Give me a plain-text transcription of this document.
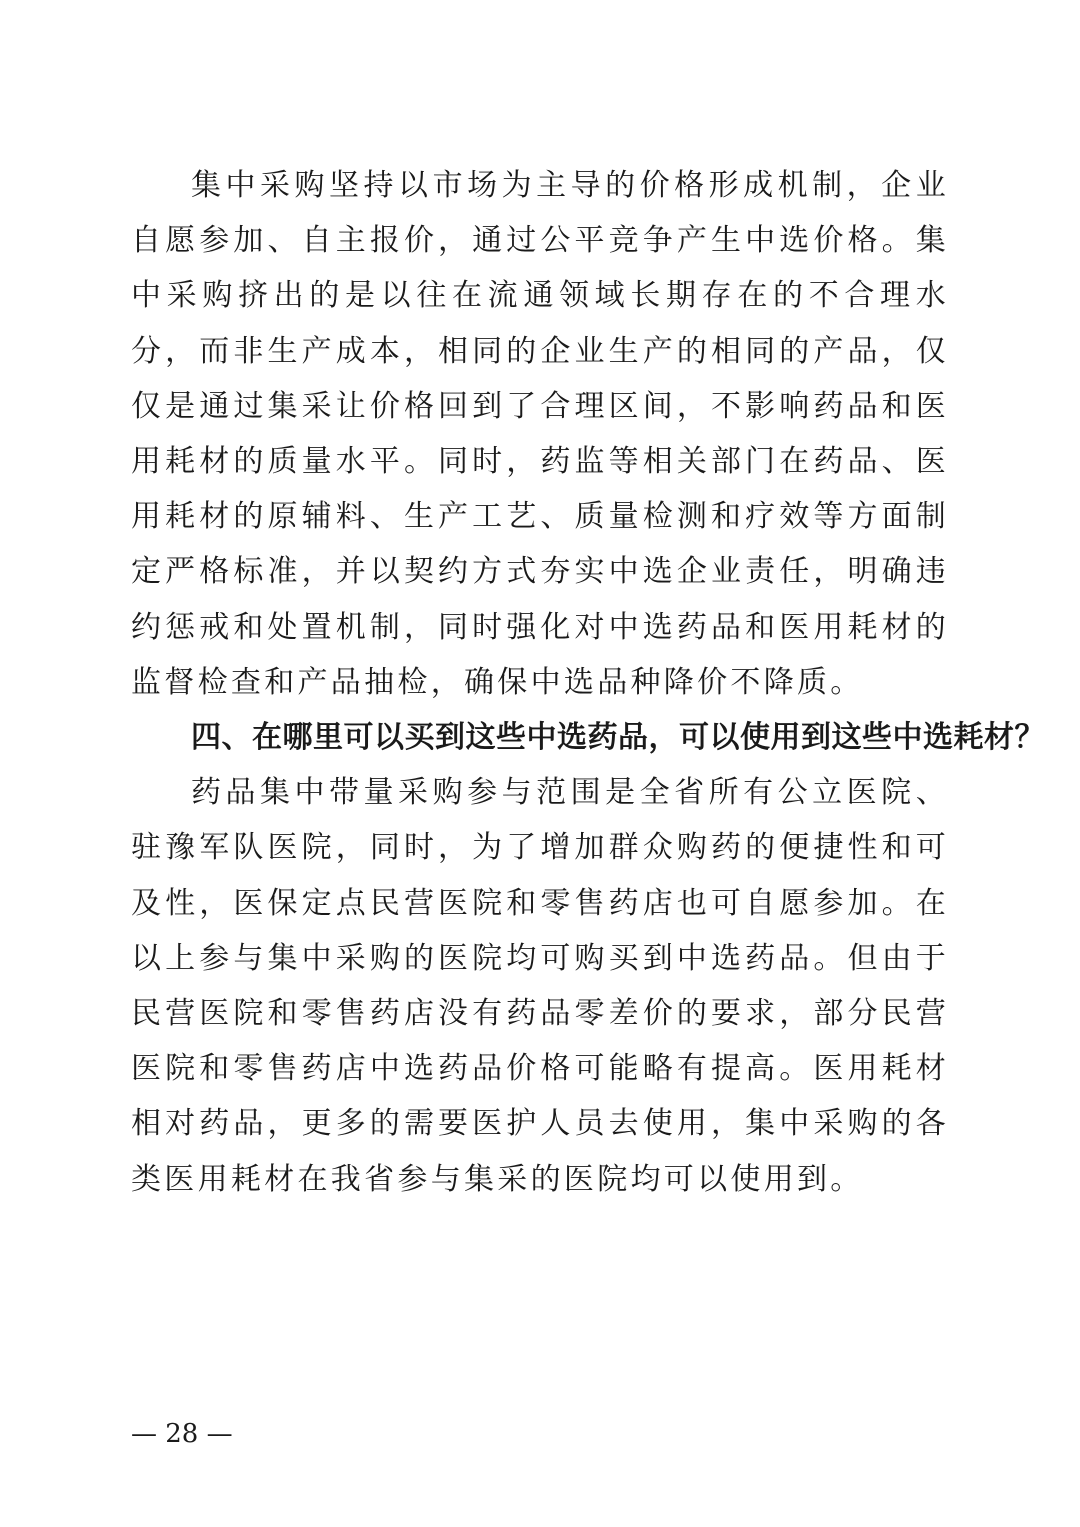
集中采购坚持以市场为主导的价格形成机制，企业自愿参加、自主报价，通过公平竞争产生中选价格。集中采购挤出的是以往在流通领域长期存在的不合理水分，而非生产成本，相同的企业生产的相同的产品，仅仅是通过集采让价格回到了合理区间，不影响药品和医用耗材的质量水平。同时，药监等相关部门在药品、医用耗材的原辅料、生产工艺、质量检测和疗效等方面制定严格标准，并以契约方式夯实中选企业责任，明确违约惩戒和处置机制，同时强化对中选药品和医用耗材的监督检查和产品抽检，确保中选品种降价不降质。

四、在哪里可以买到这些中选药品，可以使用到这些中选耗材？

药品集中带量采购参与范围是全省所有公立医院、驻豫军队医院，同时，为了增加群众购药的便捷性和可及性，医保定点民营医院和零售药店也可自愿参加。在以上参与集中采购的医院均可购买到中选药品。但由于民营医院和零售药店没有药品零差价的要求，部分民营医院和零售药店中选药品价格可能略有提高。医用耗材相对药品，更多的需要医护人员去使用，集中采购的各类医用耗材在我省参与集采的医院均可以使用到。

— 28 —
